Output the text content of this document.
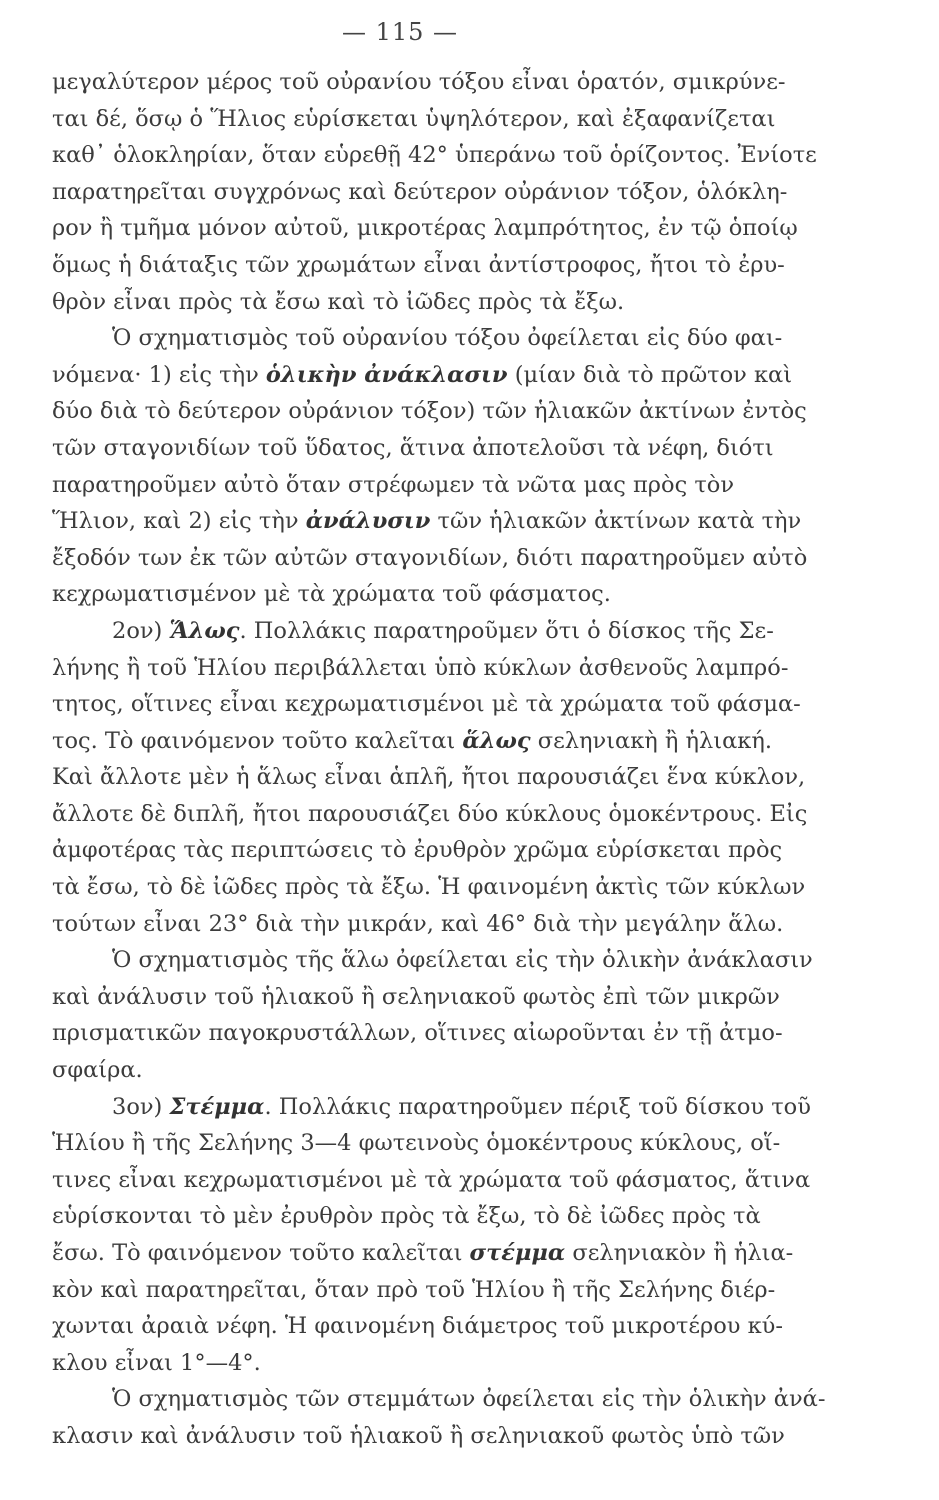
— 115 —
μεγαλύτερον μέρος τοῦ οὐρανίου τόξου εἶναι ὁρατόν, σμικρύνε-
ται δέ, ὅσῳ ὁ Ἥλιος εὑρίσκεται ὑψηλότερον, καὶ ἐξαφανίζεται
καθ᾿ ὁλοκληρίαν, ὅταν εὑρεθῇ 42° ὑπεράνω τοῦ ὁρίζοντος. Ἐνίοτε
παρατηρεῖται συγχρόνως καὶ δεύτερον οὐράνιον τόξον, ὁλόκλη-
ρον ἢ τμῆμα μόνον αὐτοῦ, μικροτέρας λαμπρότητος, ἐν τῷ ὁποίῳ
ὅμως ἡ διάταξις τῶν χρωμάτων εἶναι ἀντίστροφος, ἤτοι τὸ ἐρυ-
θρὸν εἶναι πρὸς τὰ ἔσω καὶ τὸ ἰῶδες πρὸς τὰ ἔξω.
Ὁ σχηματισμὸς τοῦ οὐρανίου τόξου ὀφείλεται εἰς δύο φαι-
νόμενα· 1) εἰς τὴν ὁλικὴν ἀνάκλασιν (μίαν διὰ τὸ πρῶτον καὶ
δύο διὰ τὸ δεύτερον οὐράνιον τόξον) τῶν ἡλιακῶν ἀκτίνων ἐντὸς
τῶν σταγονιδίων τοῦ ὕδατος, ἅτινα ἀποτελοῦσι τὰ νέφη, διότι
παρατηροῦμεν αὐτὸ ὅταν στρέφωμεν τὰ νῶτα μας πρὸς τὸν
Ἥλιον, καὶ 2) εἰς τὴν ἀνάλυσιν τῶν ἡλιακῶν ἀκτίνων κατὰ τὴν
ἔξοδόν των ἐκ τῶν αὐτῶν σταγονιδίων, διότι παρατηροῦμεν αὐτὸ
κεχρωματισμένον μὲ τὰ χρώματα τοῦ φάσματος.
2ον) Ἅλως. Πολλάκις παρατηροῦμεν ὅτι ὁ δίσκος τῆς Σε-
λήνης ἢ τοῦ Ἡλίου περιβάλλεται ὑπὸ κύκλων ἀσθενοῦς λαμπρό-
τητος, οἵτινες εἶναι κεχρωματισμένοι μὲ τὰ χρώματα τοῦ φάσμα-
τος. Τὸ φαινόμενον τοῦτο καλεῖται ἅλως σεληνιακὴ ἢ ἡλιακή.
Καὶ ἄλλοτε μὲν ἡ ἅλως εἶναι ἁπλῆ, ἤτοι παρουσιάζει ἕνα κύκλον,
ἄλλοτε δὲ διπλῆ, ἤτοι παρουσιάζει δύο κύκλους ὁμοκέντρους. Εἰς
ἀμφοτέρας τὰς περιπτώσεις τὸ ἐρυθρὸν χρῶμα εὑρίσκεται πρὸς
τὰ ἔσω, τὸ δὲ ἰῶδες πρὸς τὰ ἔξω. Ἡ φαινομένη ἀκτὶς τῶν κύκλων
τούτων εἶναι 23° διὰ τὴν μικράν, καὶ 46° διὰ τὴν μεγάλην ἅλω.
Ὁ σχηματισμὸς τῆς ἅλω ὀφείλεται εἰς τὴν ὁλικὴν ἀνάκλασιν
καὶ ἀνάλυσιν τοῦ ἡλιακοῦ ἢ σεληνιακοῦ φωτὸς ἐπὶ τῶν μικρῶν
πρισματικῶν παγοκρυστάλλων, οἵτινες αἰωροῦνται ἐν τῇ ἀτμο-
σφαίρα.
3ον) Στέμμα. Πολλάκις παρατηροῦμεν πέριξ τοῦ δίσκου τοῦ
Ἡλίου ἢ τῆς Σελήνης 3—4 φωτεινοὺς ὁμοκέντρους κύκλους, οἵ-
τινες εἶναι κεχρωματισμένοι μὲ τὰ χρώματα τοῦ φάσματος, ἅτινα
εὑρίσκονται τὸ μὲν ἐρυθρὸν πρὸς τὰ ἔξω, τὸ δὲ ἰῶδες πρὸς τὰ
ἔσω. Τὸ φαινόμενον τοῦτο καλεῖται στέμμα σεληνιακὸν ἢ ἡλια-
κὸν καὶ παρατηρεῖται, ὅταν πρὸ τοῦ Ἡλίου ἢ τῆς Σελήνης διέρ-
χωνται ἀραιὰ νέφη. Ἡ φαινομένη διάμετρος τοῦ μικροτέρου κύ-
κλου εἶναι 1°—4°.
Ὁ σχηματισμὸς τῶν στεμμάτων ὀφείλεται εἰς τὴν ὁλικὴν ἀνά-
κλασιν καὶ ἀνάλυσιν τοῦ ἡλιακοῦ ἢ σεληνιακοῦ φωτὸς ὑπὸ τῶν
